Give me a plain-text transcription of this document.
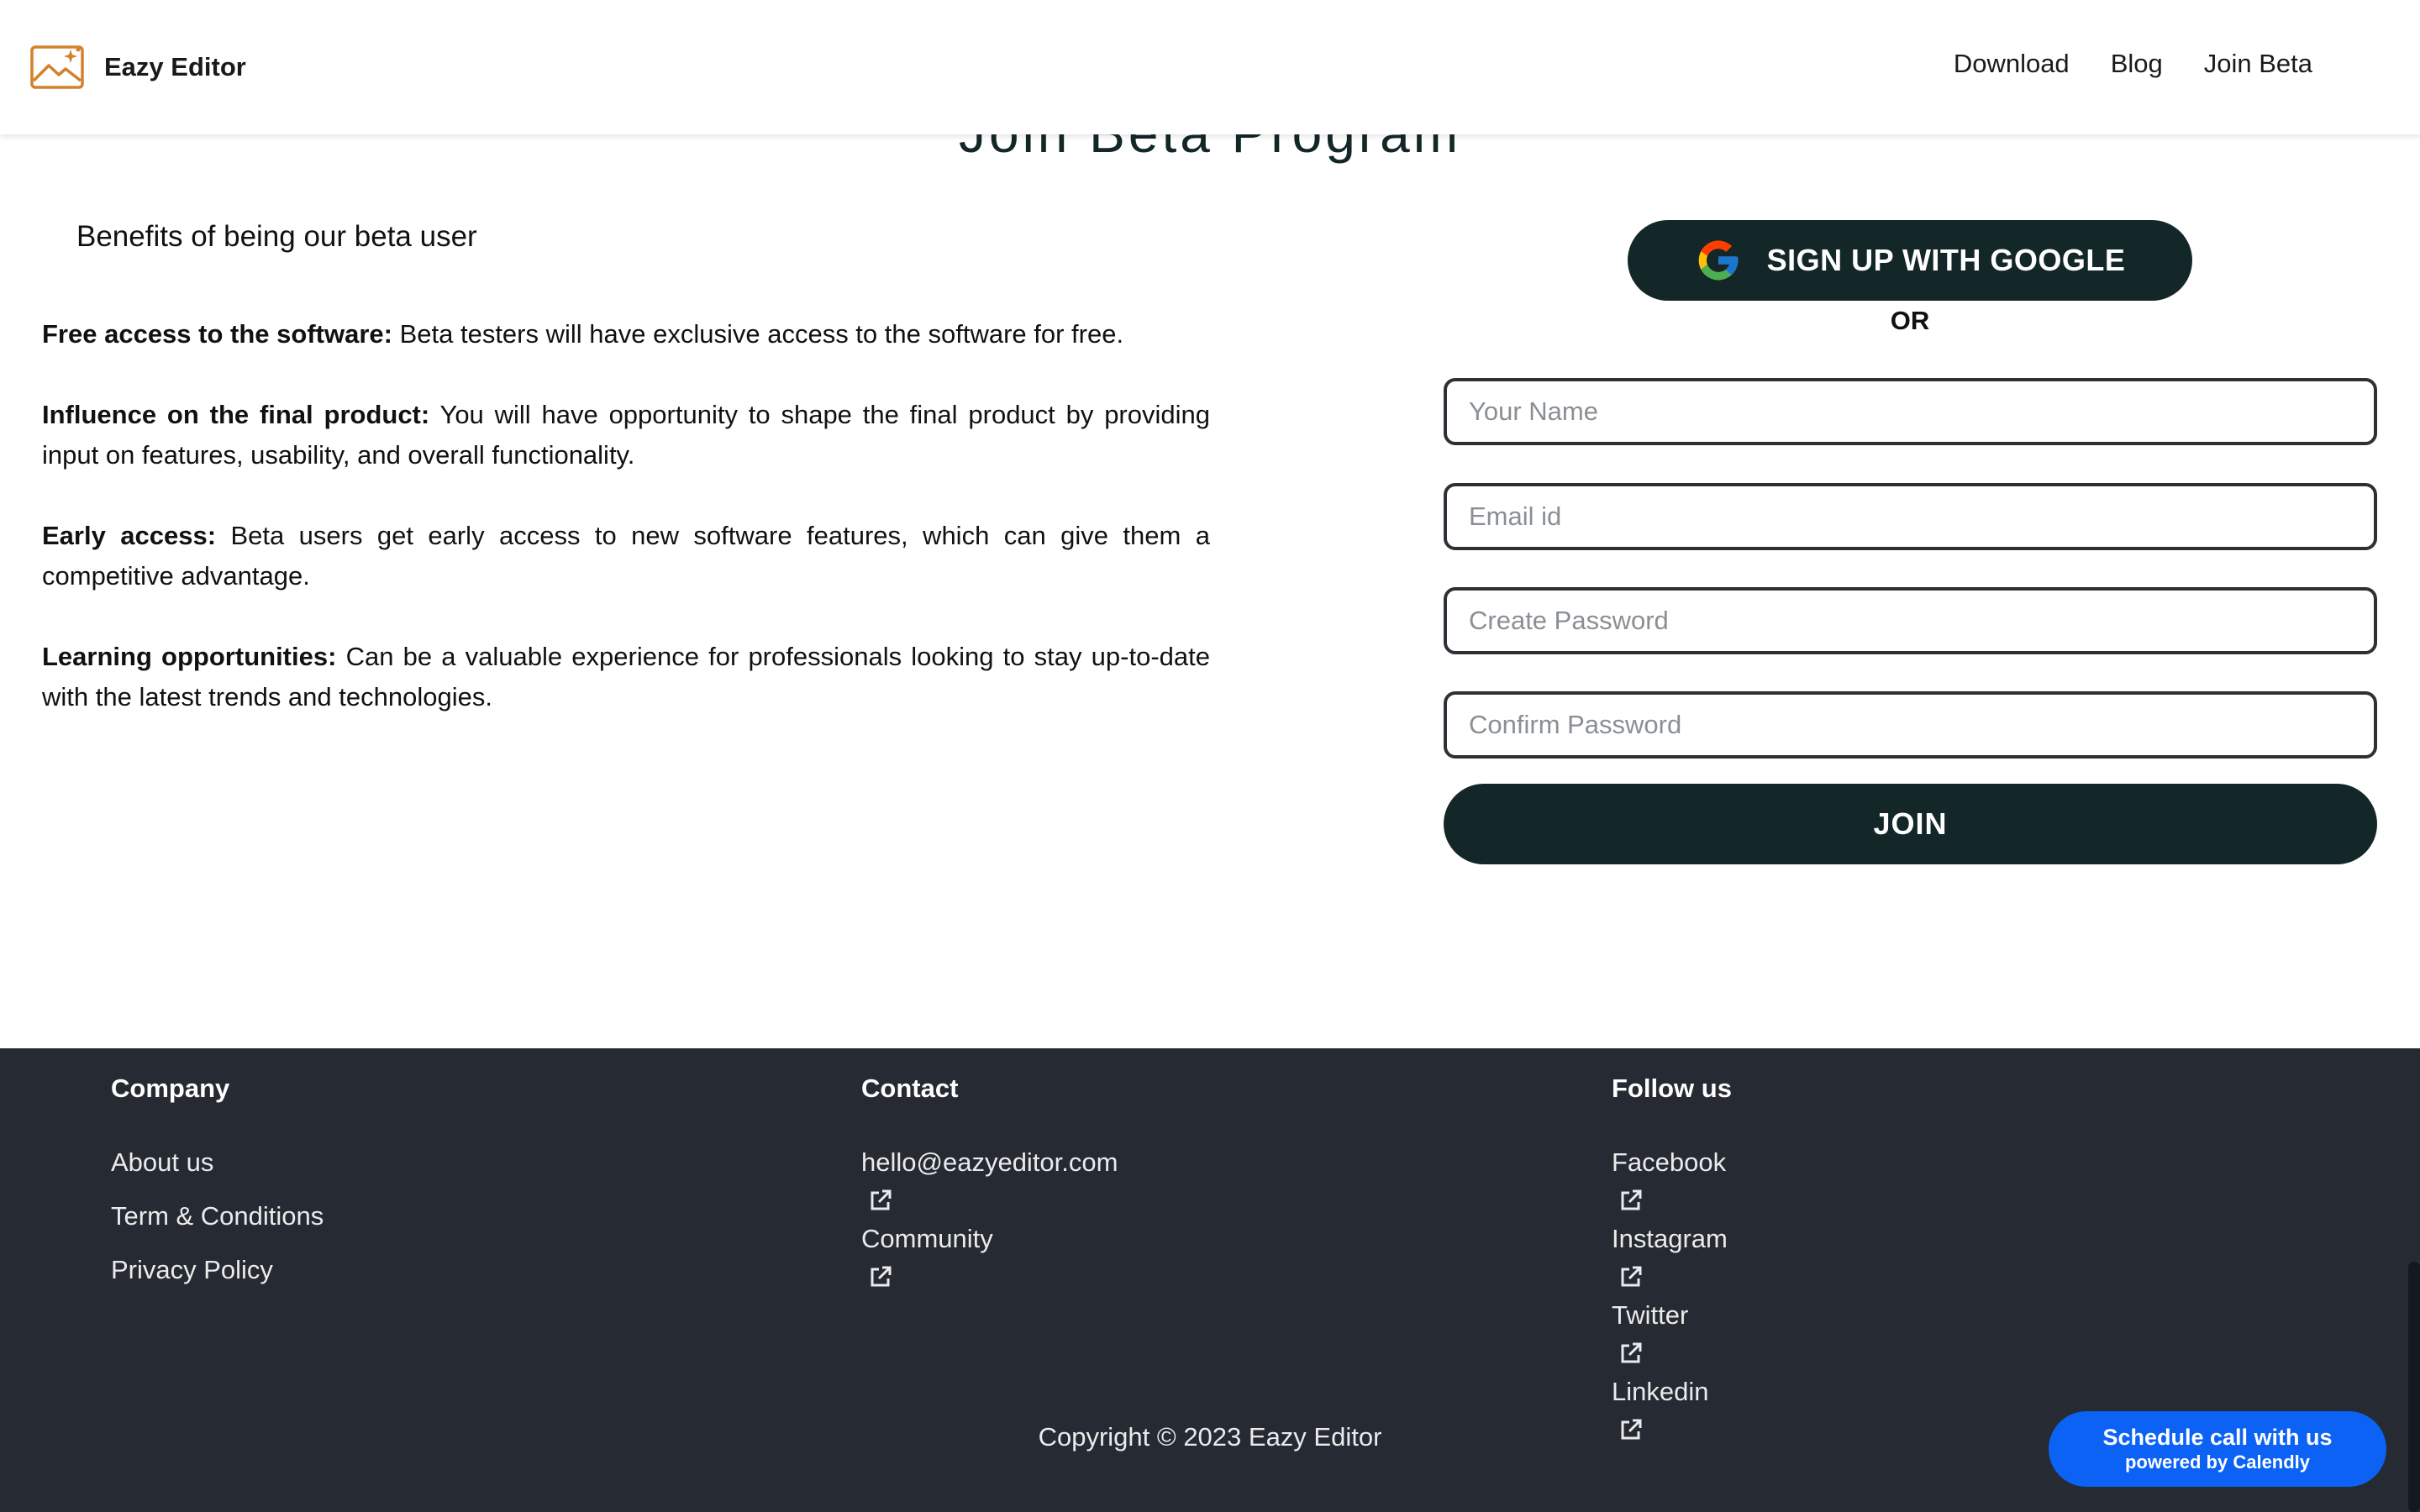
Eazy Editor	Download Blog Join Beta
Benefits of being our beta user

Free access to the software: Beta testers will have exclusive access to the software for free.

Influence on the final product: You will have opportunity to shape the final product by providing input on features, usability, and overall functionality.

Early access: Beta users get early access to new software features, which can give them a competitive advantage.

Learning opportunities: Can be a valuable experience for professionals looking to stay up-to-date with the latest trends and technologies.

SIGN UP WITH GOOGLE
OR
Your Name
Email id
JOIN
Company
About us
Term & Conditions
Privacy Policy
Contact
hello@eazyeditor.com
Community
Follow us
Facebook
Instagram
Twitter
Linkedin
Copyright © 2023 Eazy Editor	Schedule call with us
powered by Calendly
